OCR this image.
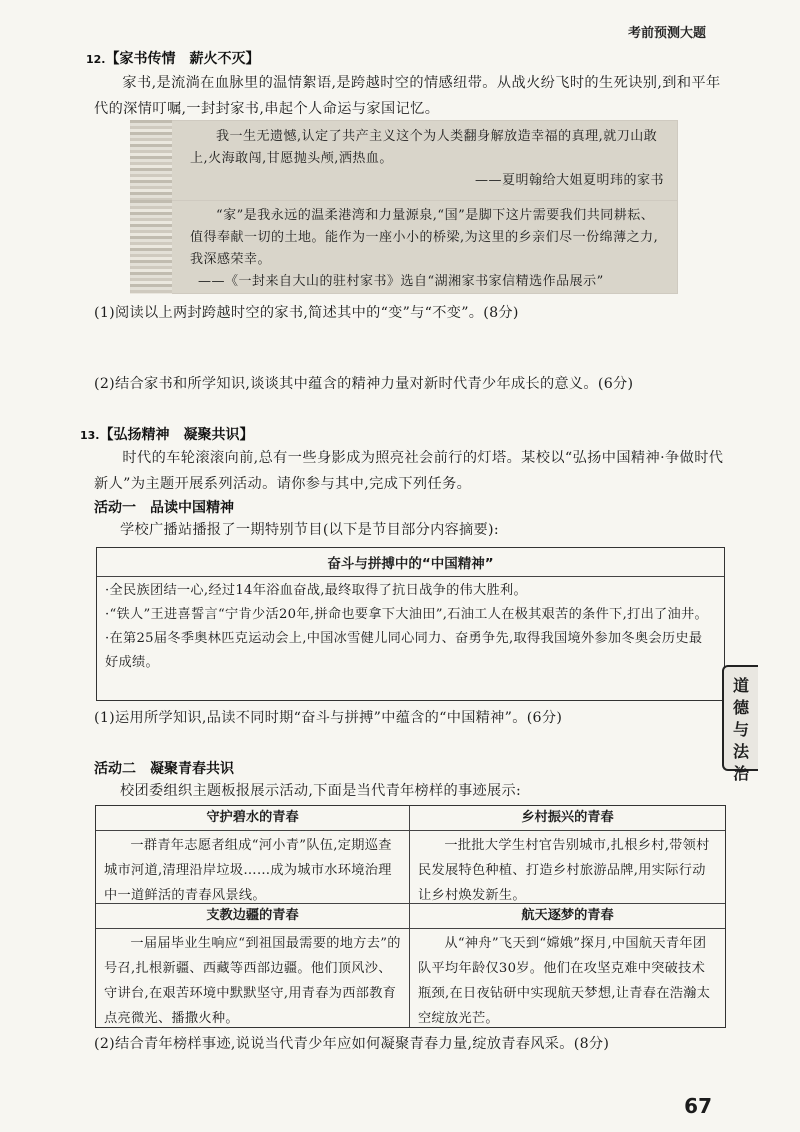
考前预测大题
12.【家书传情　薪火不灭】
家书,是流淌在血脉里的温情絮语,是跨越时空的情感纽带。从战火纷飞时的生死诀别,到和平年代的深情叮嘱,一封封家书,串起个人命运与家国记忆。
我一生无遗憾,认定了共产主义这个为人类翻身解放造幸福的真理,就刀山敢上,火海敢闯,甘愿抛头颅,洒热血。
——夏明翰给大姐夏明玮的家书
“家”是我永远的温柔港湾和力量源泉,“国”是脚下这片需要我们共同耕耘、值得奉献一切的土地。能作为一座小小的桥梁,为这里的乡亲们尽一份绵薄之力,我深感荣幸。
——《一封来自大山的驻村家书》选自“湖湘家书家信精选作品展示”
(1)阅读以上两封跨越时空的家书,简述其中的“变”与“不变”。(8分)
(2)结合家书和所学知识,谈谈其中蕴含的精神力量对新时代青少年成长的意义。(6分)
13.【弘扬精神　凝聚共识】
时代的车轮滚滚向前,总有一些身影成为照亮社会前行的灯塔。某校以“弘扬中国精神·争做时代新人”为主题开展系列活动。请你参与其中,完成下列任务。
活动一　品读中国精神
学校广播站播报了一期特别节目(以下是节目部分内容摘要):
奋斗与拼搏中的“中国精神”
·全民族团结一心,经过14年浴血奋战,最终取得了抗日战争的伟大胜利。
·“铁人”王进喜誓言“宁肯少活20年,拼命也要拿下大油田”,石油工人在极其艰苦的条件下,打出了油井。
·在第25届冬季奥林匹克运动会上,中国冰雪健儿同心同力、奋勇争先,取得我国境外参加冬奥会历史最好成绩。
(1)运用所学知识,品读不同时期“奋斗与拼搏”中蕴含的“中国精神”。(6分)
活动二　凝聚青春共识
校团委组织主题板报展示活动,下面是当代青年榜样的事迹展示:
守护碧水的青春
一群青年志愿者组成“河小青”队伍,定期巡查城市河道,清理沿岸垃圾……成为城市水环境治理中一道鲜活的青春风景线。
乡村振兴的青春
一批批大学生村官告别城市,扎根乡村,带领村民发展特色种植、打造乡村旅游品牌,用实际行动让乡村焕发新生。
支教边疆的青春
一届届毕业生响应“到祖国最需要的地方去”的号召,扎根新疆、西藏等西部边疆。他们顶风沙、守讲台,在艰苦环境中默默坚守,用青春为西部教育点亮微光、播撒火种。
航天逐梦的青春
从“神舟”飞天到“嫦娥”探月,中国航天青年团队平均年龄仅30岁。他们在攻坚克难中突破技术瓶颈,在日夜钻研中实现航天梦想,让青春在浩瀚太空绽放光芒。
(2)结合青年榜样事迹,说说当代青少年应如何凝聚青春力量,绽放青春风采。(8分)
道
德
与
法
治
67
